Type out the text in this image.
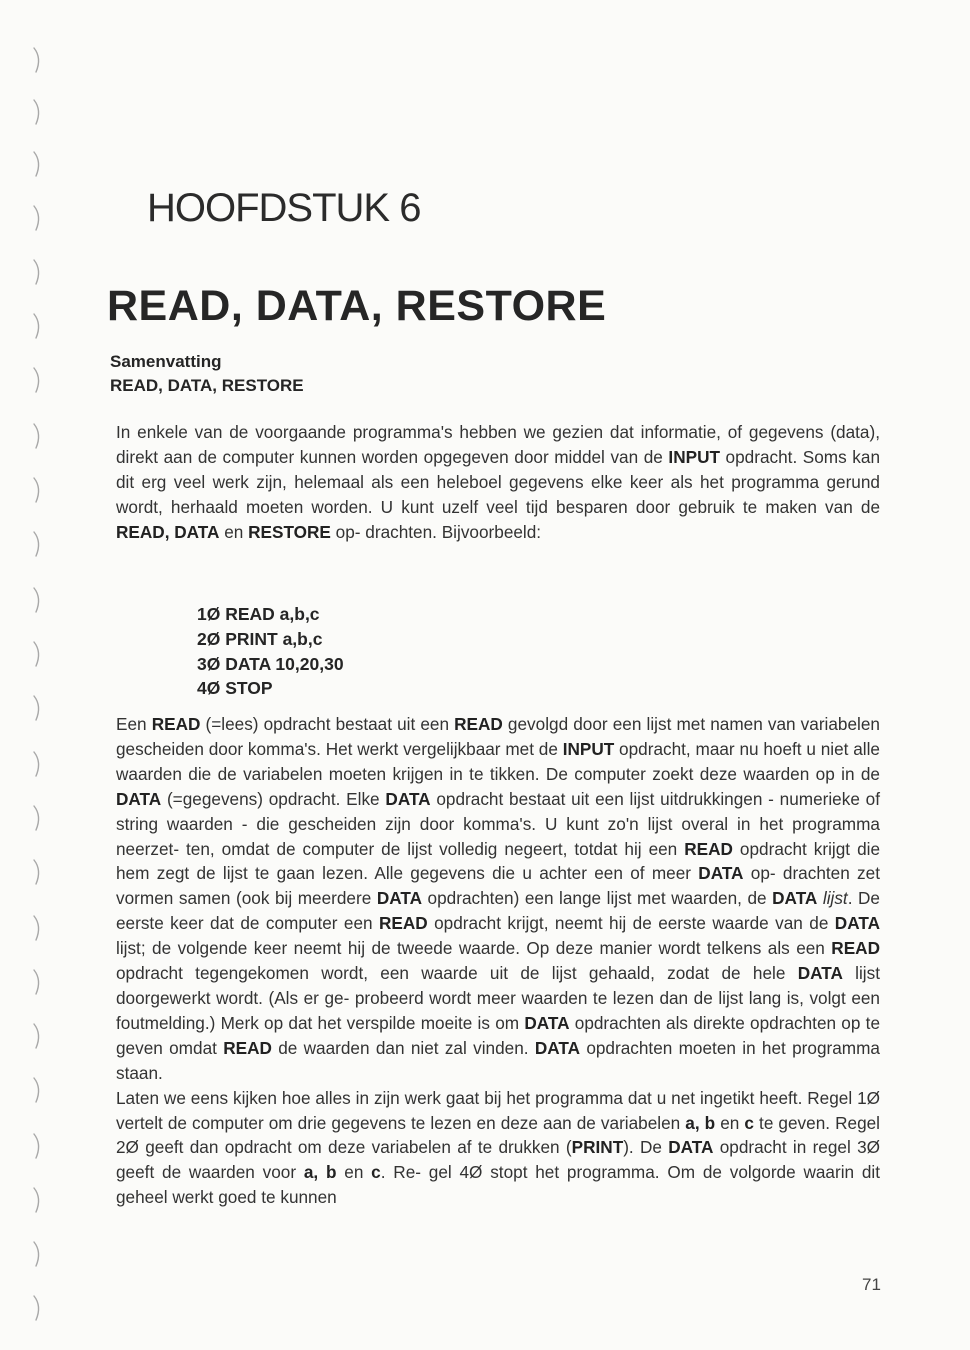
HOOFDSTUK 6
READ, DATA, RESTORE
Samenvatting
READ, DATA, RESTORE

In enkele van de voorgaande programma's hebben we gezien dat informatie, of gegevens (data), direkt aan de computer kunnen worden opgegeven door middel van de INPUT opdracht. Soms kan dit erg veel werk zijn, helemaal als een heleboel gegevens elke keer als het programma gerund wordt, herhaald moeten worden. U kunt uzelf veel tijd besparen door gebruik te maken van de READ, DATA en RESTORE op- drachten. Bijvoorbeeld:

1Ø READ a,b,c
2Ø PRINT a,b,c
3Ø DATA 10,20,30
4Ø STOP
Een READ (=lees) opdracht bestaat uit een READ gevolgd door een lijst met namen van variabelen gescheiden door komma's. Het werkt vergelijkbaar met de INPUT opdracht, maar nu hoeft u niet alle waarden die de variabelen moeten krijgen in te tikken. De computer zoekt deze waarden op in de DATA (=gegevens) opdracht. Elke DATA opdracht bestaat uit een lijst uitdrukkingen - numerieke of string waarden - die gescheiden zijn door komma's. U kunt zo'n lijst overal in het programma neerzet- ten, omdat de computer de lijst volledig negeert, totdat hij een READ opdracht krijgt die hem zegt de lijst te gaan lezen. Alle gegevens die u achter een of meer DATA op- drachten zet vormen samen (ook bij meerdere DATA opdrachten) een lange lijst met waarden, de DATA lijst. De eerste keer dat de computer een READ opdracht krijgt, neemt hij de eerste waarde van de DATA lijst; de volgende keer neemt hij de tweede waarde. Op deze manier wordt telkens als een READ opdracht tegengekomen wordt, een waarde uit de lijst gehaald, zodat de hele DATA lijst doorgewerkt wordt. (Als er ge- probeerd wordt meer waarden te lezen dan de lijst lang is, volgt een foutmelding.) Merk op dat het verspilde moeite is om DATA opdrachten als direkte opdrachten op te geven omdat READ de waarden dan niet zal vinden. DATA opdrachten moeten in het programma staan.
Laten we eens kijken hoe alles in zijn werk gaat bij het programma dat u net ingetikt heeft. Regel 1Ø vertelt de computer om drie gegevens te lezen en deze aan de variabelen a, b en c te geven. Regel 2Ø geeft dan opdracht om deze variabelen af te drukken (PRINT). De DATA opdracht in regel 3Ø geeft de waarden voor a, b en c. Re- gel 4Ø stopt het programma. Om de volgorde waarin dit geheel werkt goed te kunnen
71
